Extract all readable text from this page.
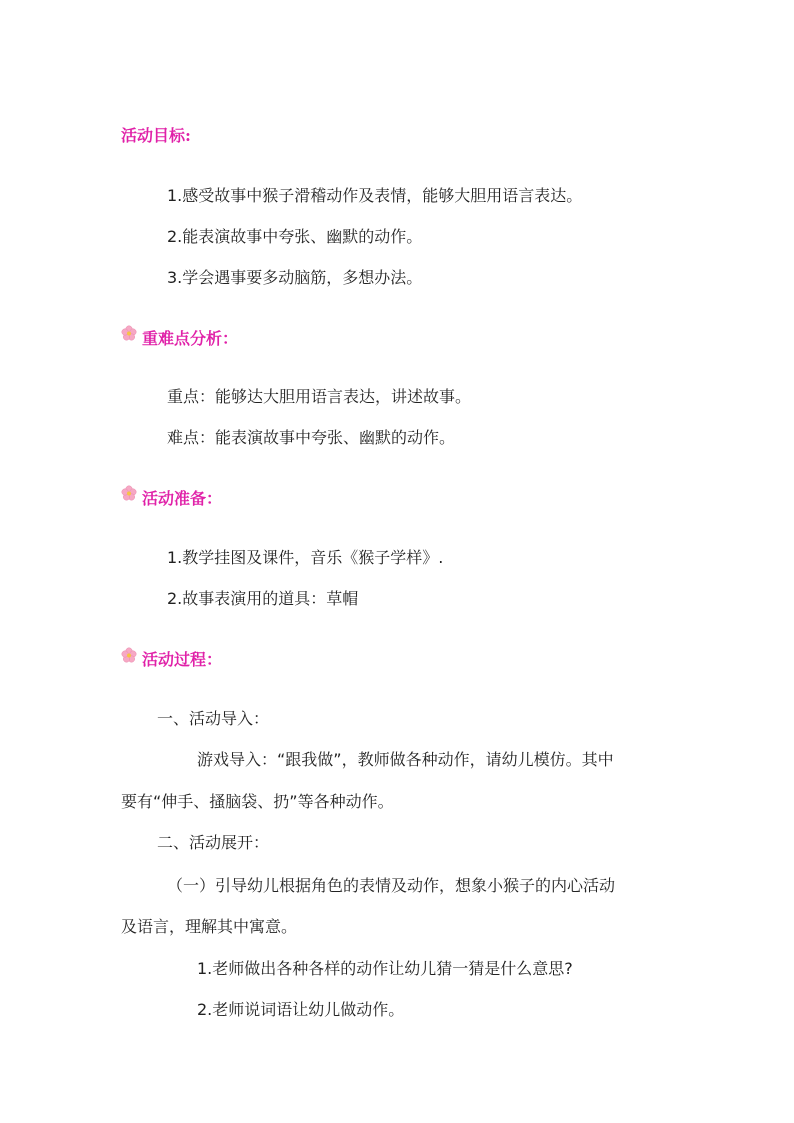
活动目标:
1.感受故事中猴子滑稽动作及表情，能够大胆用语言表达。
2.能表演故事中夸张、幽默的动作。
3.学会遇事要多动脑筋，多想办法。
重难点分析：
重点：能够达大胆用语言表达，讲述故事。
难点：能表演故事中夸张、幽默的动作。
活动准备：
1.教学挂图及课件，音乐《猴子学样》.
2.故事表演用的道具：草帽
活动过程：
一、活动导入：
游戏导入：“跟我做”，教师做各种动作，请幼儿模仿。其中
要有“伸手、搔脑袋、扔”等各种动作。
二、活动展开：
（一）引导幼儿根据角色的表情及动作，想象小猴子的内心活动
及语言，理解其中寓意。
1.老师做出各种各样的动作让幼儿猜一猜是什么意思?
2.老师说词语让幼儿做动作。
